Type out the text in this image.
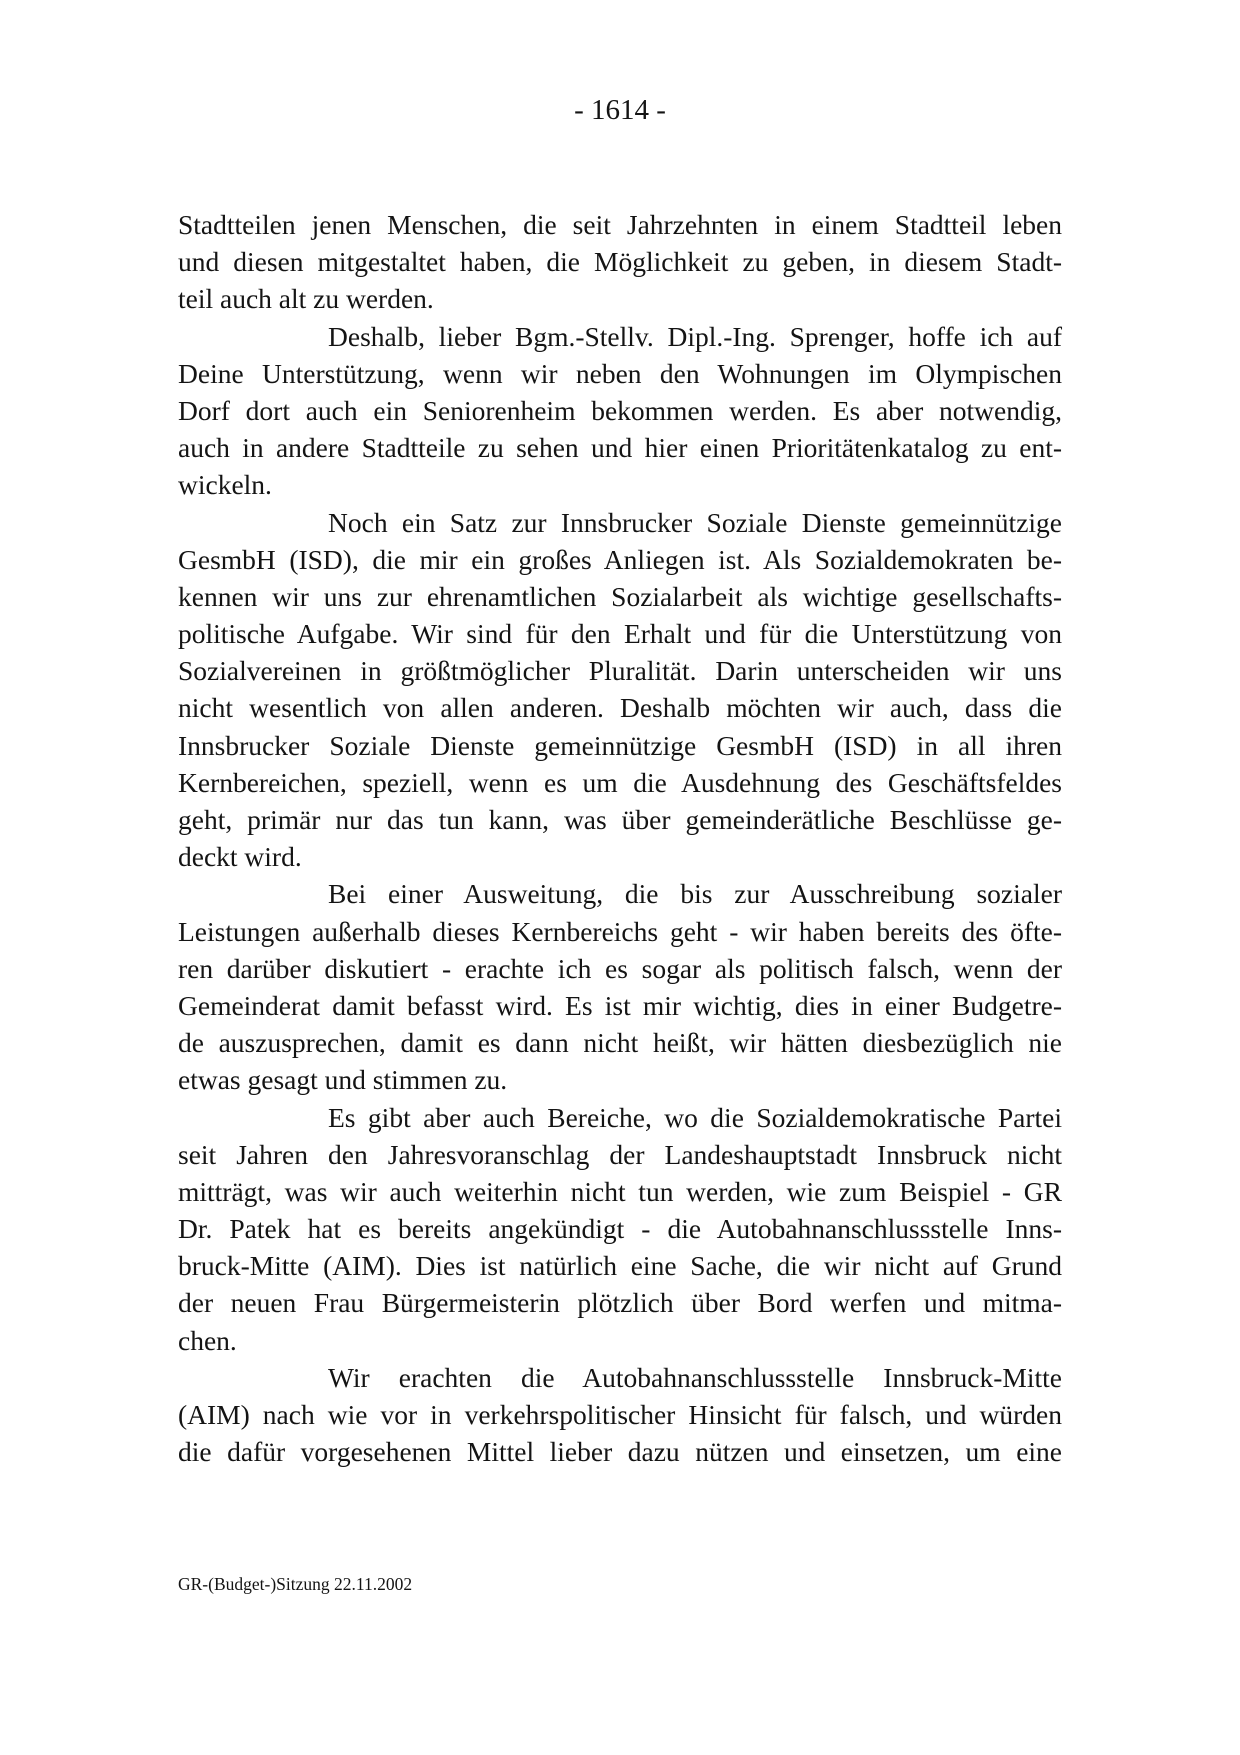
- 1614 -

Stadtteilen jenen Menschen, die seit Jahrzehnten in einem Stadtteil leben
und diesen mitgestaltet haben, die Möglichkeit zu geben, in diesem Stadt-
teil auch alt zu werden.

Deshalb, lieber Bgm.-Stellv. Dipl.-Ing. Sprenger, hoffe ich auf
Deine Unterstützung, wenn wir neben den Wohnungen im Olympischen
Dorf dort auch ein Seniorenheim bekommen werden. Es aber notwendig,
auch in andere Stadtteile zu sehen und hier einen Prioritätenkatalog zu ent-
wickeln.

Noch ein Satz zur Innsbrucker Soziale Dienste gemeinnützige
GesmbH (ISD), die mir ein großes Anliegen ist. Als Sozialdemokraten be-
kennen wir uns zur ehrenamtlichen Sozialarbeit als wichtige gesellschafts-
politische Aufgabe. Wir sind für den Erhalt und für die Unterstützung von
Sozialvereinen in größtmöglicher Pluralität. Darin unterscheiden wir uns
nicht wesentlich von allen anderen. Deshalb möchten wir auch, dass die
Innsbrucker Soziale Dienste gemeinnützige GesmbH (ISD) in all ihren
Kernbereichen, speziell, wenn es um die Ausdehnung des Geschäftsfeldes
geht, primär nur das tun kann, was über gemeinderätliche Beschlüsse ge-
deckt wird.

Bei einer Ausweitung, die bis zur Ausschreibung sozialer
Leistungen außerhalb dieses Kernbereichs geht - wir haben bereits des öfte-
ren darüber diskutiert - erachte ich es sogar als politisch falsch, wenn der
Gemeinderat damit befasst wird. Es ist mir wichtig, dies in einer Budgetre-
de auszusprechen, damit es dann nicht heißt, wir hätten diesbezüglich nie
etwas gesagt und stimmen zu.

Es gibt aber auch Bereiche, wo die Sozialdemokratische Partei
seit Jahren den Jahresvoranschlag der Landeshauptstadt Innsbruck nicht
mitträgt, was wir auch weiterhin nicht tun werden, wie zum Beispiel - GR
Dr. Patek hat es bereits angekündigt - die Autobahnanschlussstelle Inns-
bruck-Mitte (AIM). Dies ist natürlich eine Sache, die wir nicht auf Grund
der neuen Frau Bürgermeisterin plötzlich über Bord werfen und mitma-
chen.

Wir erachten die Autobahnanschlussstelle Innsbruck-Mitte
(AIM) nach wie vor in verkehrspolitischer Hinsicht für falsch, und würden
die dafür vorgesehenen Mittel lieber dazu nützen und einsetzen, um eine

GR-(Budget-)Sitzung 22.11.2002
